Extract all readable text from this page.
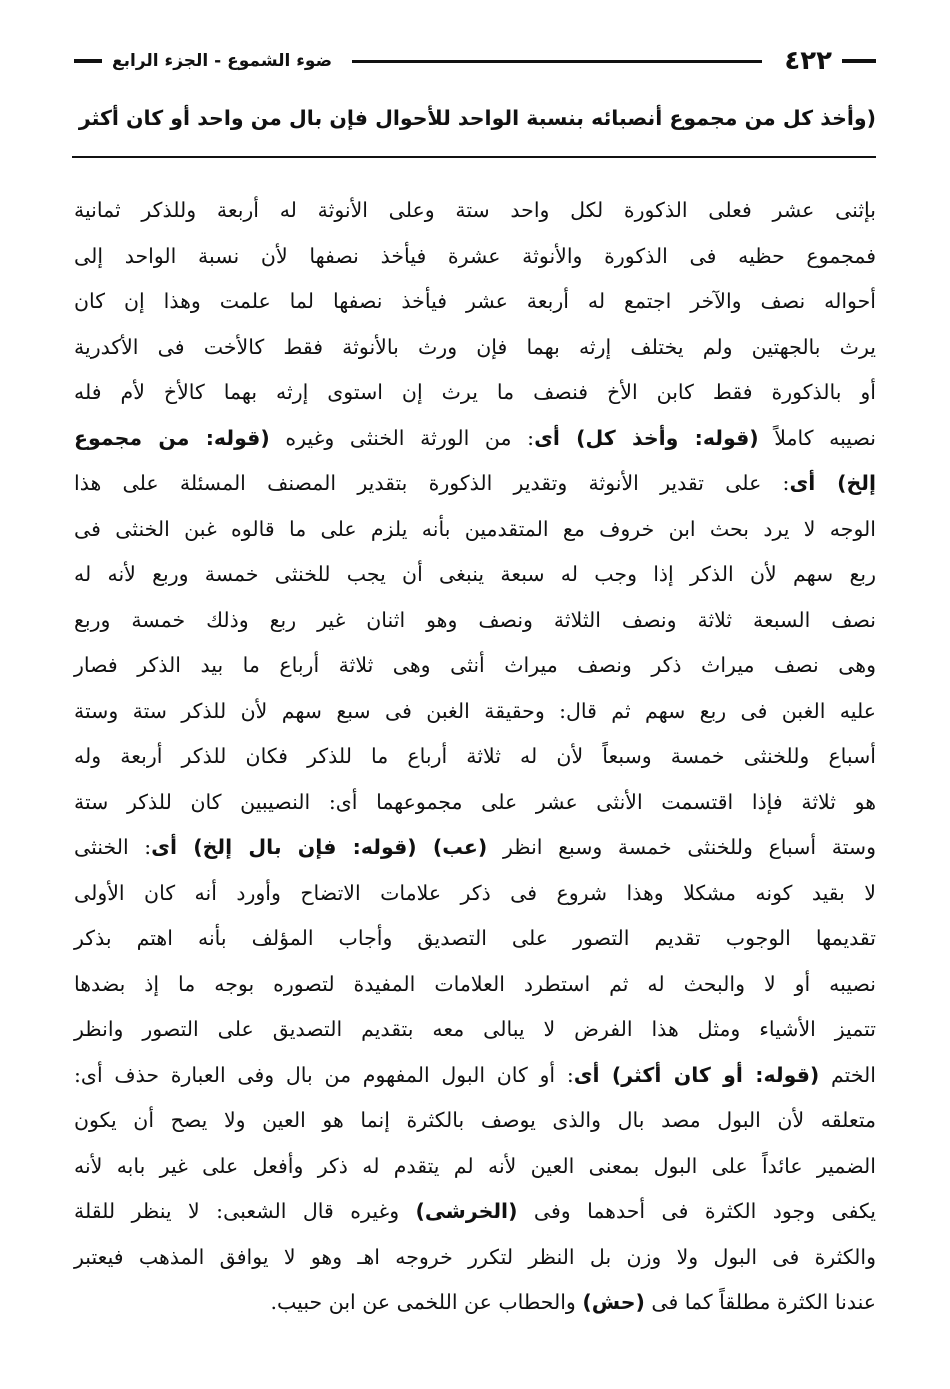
٤٢٢
ضوء الشموع - الجزء الرابع
(وأخذ كل من مجموع أنصبائه بنسبة الواحد للأحوال فإن بال من واحد أو كان أكثر
بإثنى عشر فعلى الذكورة لكل واحد ستة وعلى الأنوثة له أربعة وللذكر ثمانية
فمجموع حظيه فى الذكورة والأنوثة عشرة فيأخذ نصفها لأن نسبة الواحد إلى
أحواله نصف والآخر اجتمع له أربعة عشر فيأخذ نصفها لما علمت وهذا إن كان
يرث بالجهتين ولم يختلف إرثه بهما فإن ورث بالأنوثة فقط كالأخت فى الأكدرية
أو بالذكورة فقط كابن الأخ فنصف ما يرث إن استوى إرثه بهما كالأخ لأم فله
نصيبه كاملاً (قوله: وأخذ كل) أى: من الورثة الخنثى وغيره (قوله: من مجموع
إلخ) أى: على تقدير الأنوثة وتقدير الذكورة بتقدير المصنف المسئلة على هذا
الوجه لا يرد بحث ابن خروف مع المتقدمين بأنه يلزم على ما قالوه غبن الخنثى فى
ربع سهم لأن الذكر إذا وجب له سبعة ينبغى أن يجب للخنثى خمسة وربع لأنه له
نصف السبعة ثلاثة ونصف الثلاثة ونصف وهو اثنان غير ربع وذلك خمسة وربع
وهى نصف ميراث ذكر ونصف ميراث أنثى وهى ثلاثة أرباع ما بيد الذكر فصار
عليه الغبن فى ربع سهم ثم قال: وحقيقة الغبن فى سبع سهم لأن للذكر ستة وستة
أسباع وللخنثى خمسة وسبعاً لأن له ثلاثة أرباع ما للذكر فكان للذكر أربعة وله
هو ثلاثة فإذا اقتسمت الأنثى عشر على مجموعهما أى: النصيبين كان للذكر ستة
وستة أسباع وللخنثى خمسة وسبع انظر (عب) (قوله: فإن بال إلخ) أى: الخنثى
لا بقيد كونه مشكلا وهذا شروع فى ذكر علامات الاتضاح وأورد أنه كان الأولى
تقديمها الوجوب تقديم التصور على التصديق وأجاب المؤلف بأنه اهتم بذكر
نصيبه أو لا والبحث له ثم استطرد العلامات المفيدة لتصوره بوجه ما إذ بضدها
تتميز الأشياء ومثل هذا الفرض لا يبالى معه بتقديم التصديق على التصور وانظر
الختم (قوله: أو كان أكثر) أى: أو كان البول المفهوم من بال وفى العبارة حذف أى:
متعلقه لأن البول مصد بال والذى يوصف بالكثرة إنما هو العين ولا يصح أن يكون
الضمير عائداً على البول بمعنى العين لأنه لم يتقدم له ذكر وأفعل على غير بابه لأنه
يكفى وجود الكثرة فى أحدهما وفى (الخرشى) وغيره قال الشعبى: لا ينظر للقلة
والكثرة فى البول ولا وزن بل النظر لتكرر خروجه اهـ وهو لا يوافق المذهب فيعتبر
عندنا الكثرة مطلقاً كما فى (حش) والحطاب عن اللخمى عن ابن حبيب.
